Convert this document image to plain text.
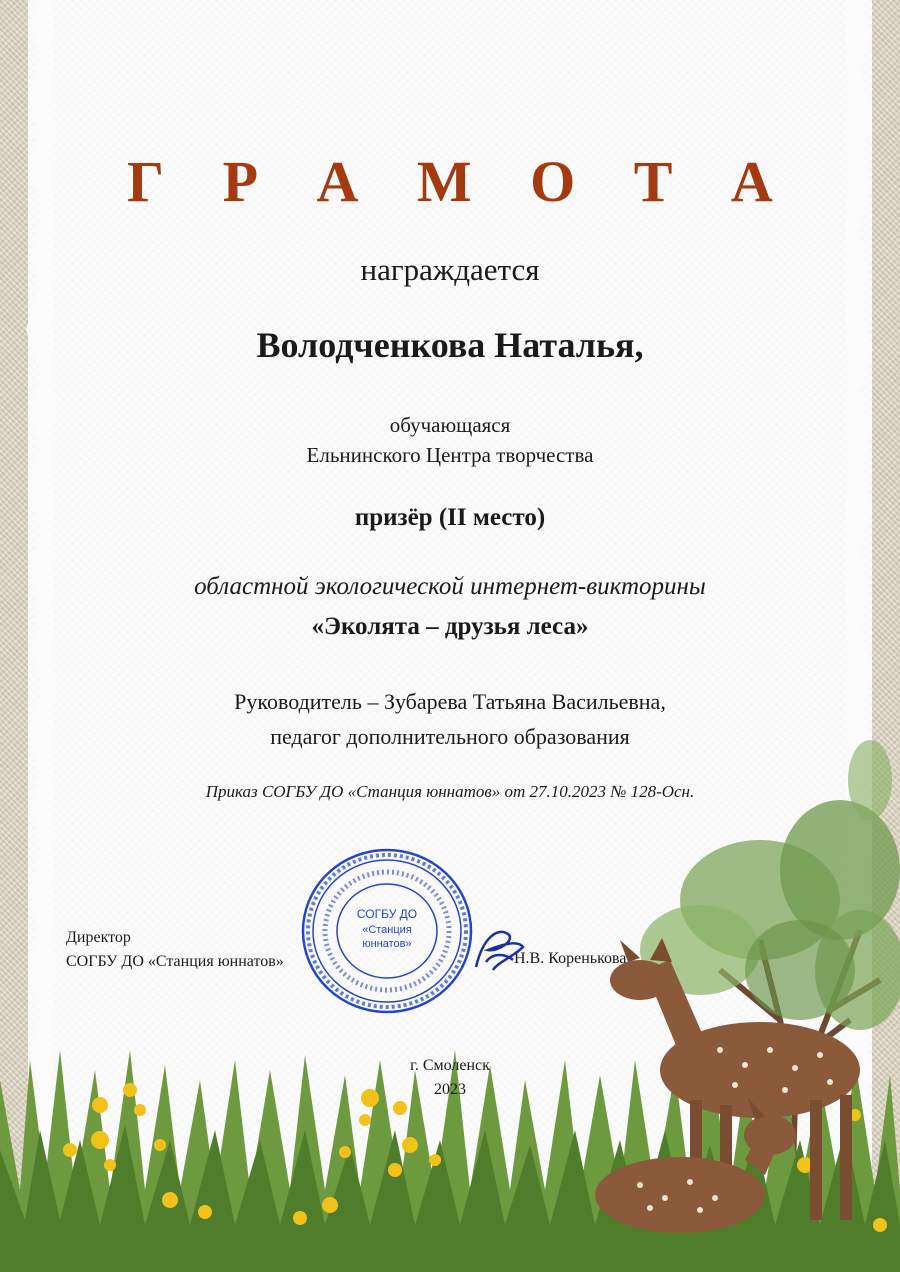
Г Р А М О Т А
награждается
Володченкова Наталья,
обучающаяся
Ельнинского Центра творчества
призёр (II место)
областной экологической интернет-викторины
«Эколята – друзья леса»
Руководитель – Зубарева Татьяна Васильевна,
педагог дополнительного образования
Приказ СОГБУ ДО «Станция юннатов» от 27.10.2023 № 128-Осн.
Директор
СОГБУ ДО «Станция юннатов»	Н.В. Коренькова
СОГБУ ДО
«Станция
юннатов»
г. Смоленск
2023
